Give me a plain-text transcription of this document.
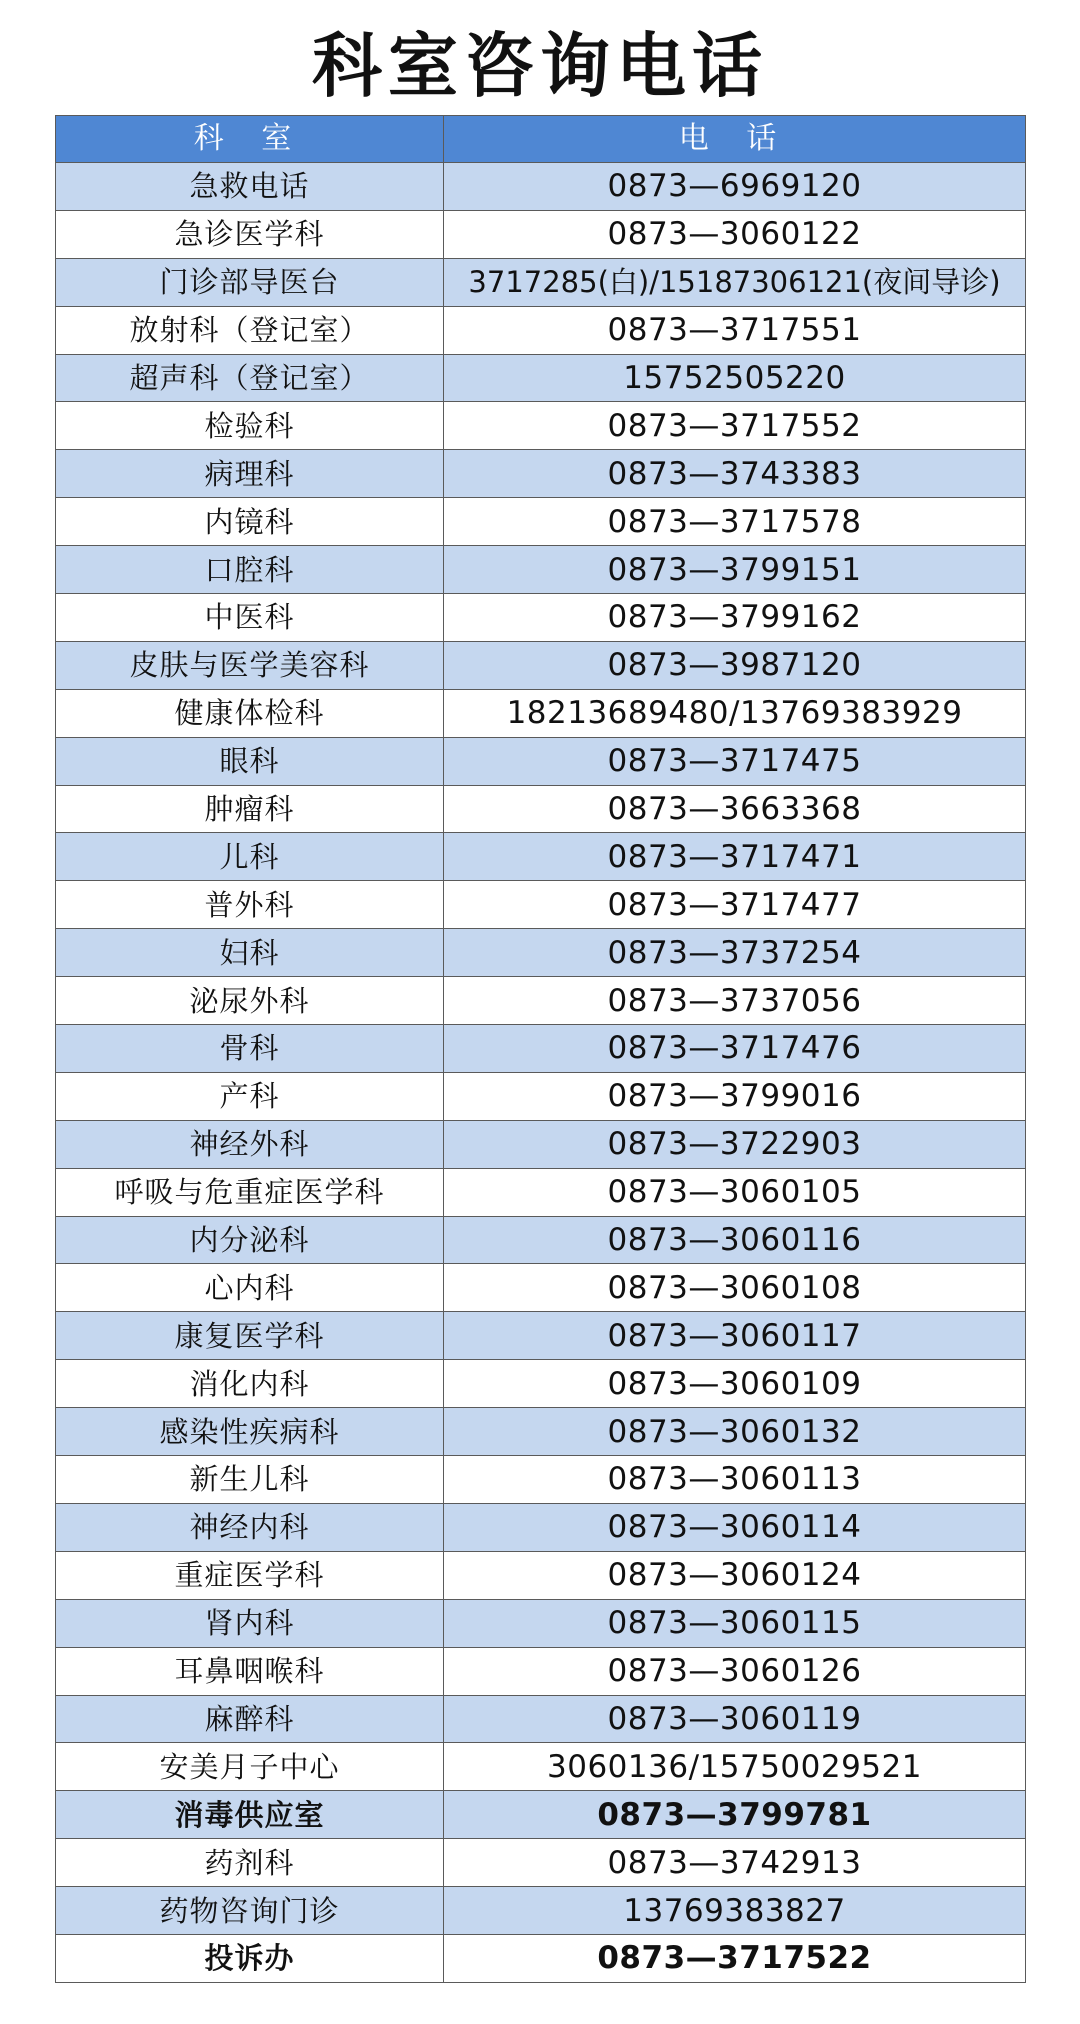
科室咨询电话
科 室	电 话
急救电话	0873—6969120
急诊医学科	0873—3060122
门诊部导医台	3717285(白)/15187306121(夜间导诊)
放射科（登记室）	0873—3717551
超声科（登记室）	15752505220
检验科	0873—3717552
病理科	0873—3743383
内镜科	0873—3717578
口腔科	0873—3799151
中医科	0873—3799162
皮肤与医学美容科	0873—3987120
健康体检科	18213689480/13769383929
眼科	0873—3717475
肿瘤科	0873—3663368
儿科	0873—3717471
普外科	0873—3717477
妇科	0873—3737254
泌尿外科	0873—3737056
骨科	0873—3717476
产科	0873—3799016
神经外科	0873—3722903
呼吸与危重症医学科	0873—3060105
内分泌科	0873—3060116
心内科	0873—3060108
康复医学科	0873—3060117
消化内科	0873—3060109
感染性疾病科	0873—3060132
新生儿科	0873—3060113
神经内科	0873—3060114
重症医学科	0873—3060124
肾内科	0873—3060115
耳鼻咽喉科	0873—3060126
麻醉科	0873—3060119
安美月子中心	3060136/15750029521
消毒供应室	0873—3799781
药剂科	0873—3742913
药物咨询门诊	13769383827
投诉办	0873—3717522
